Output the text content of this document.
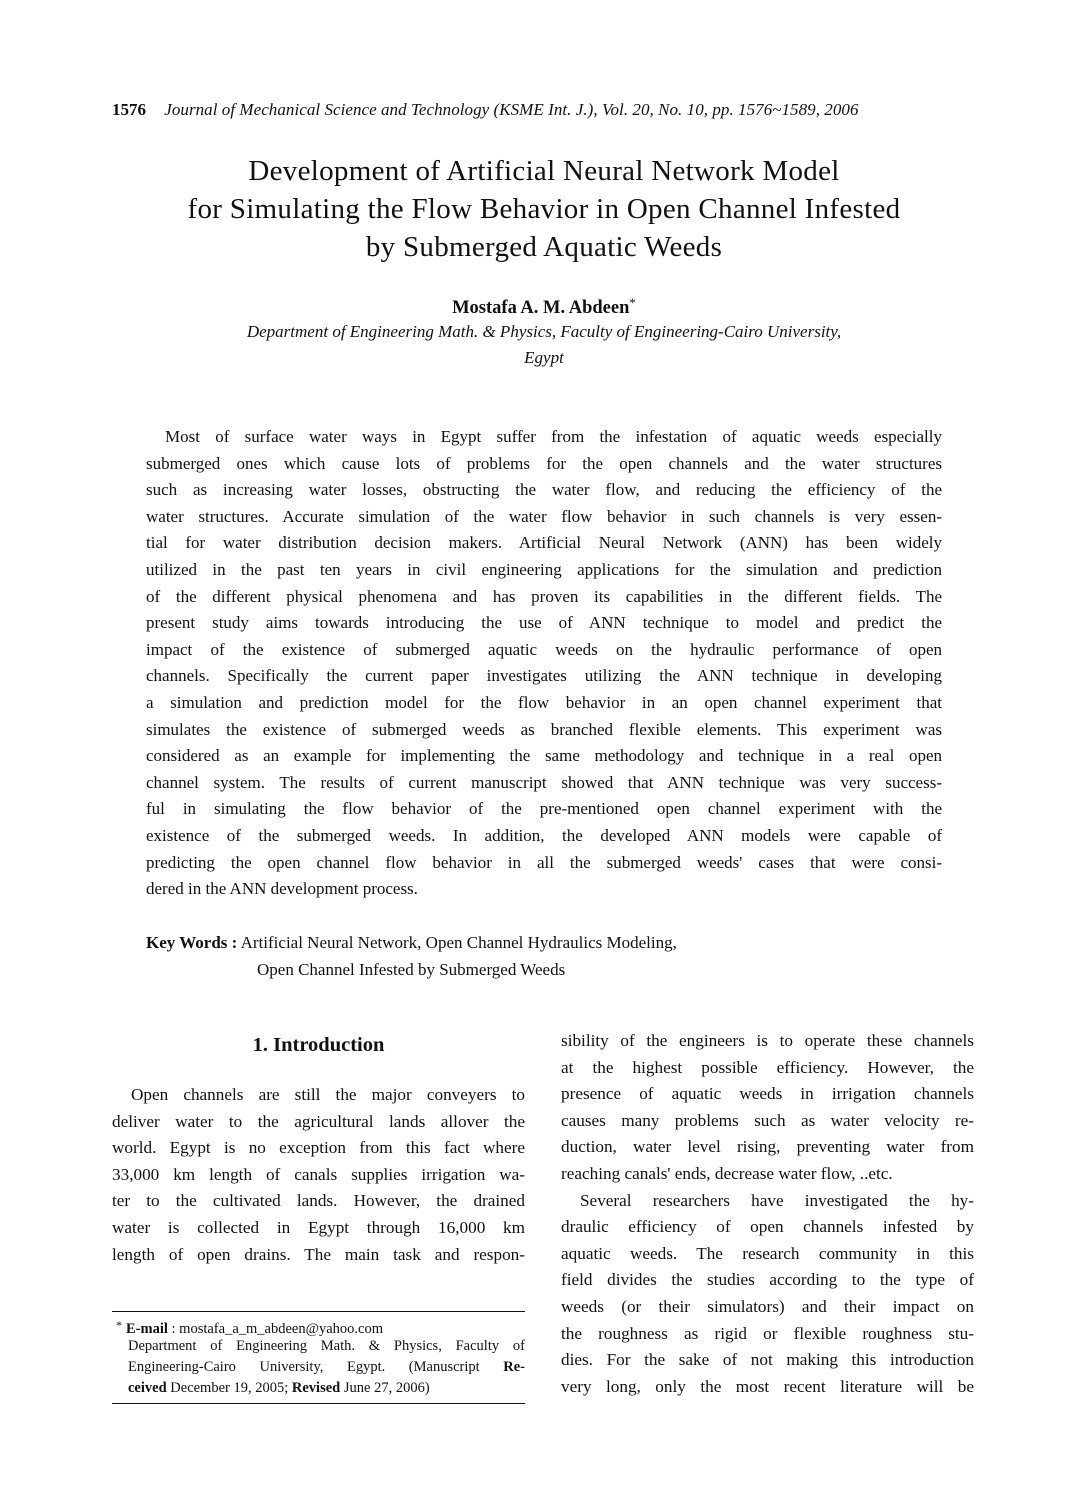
1576 Journal of Mechanical Science and Technology (KSME Int. J.), Vol. 20, No. 10, pp. 1576~1589, 2006
Development of Artificial Neural Network Model
for Simulating the Flow Behavior in Open Channel Infested
by Submerged Aquatic Weeds
Mostafa A. M. Abdeen*
Department of Engineering Math. & Physics, Faculty of Engineering-Cairo University,
Egypt
Most of surface water ways in Egypt suffer from the infestation of aquatic weeds especially
submerged ones which cause lots of problems for the open channels and the water structures
such as increasing water losses, obstructing the water flow, and reducing the efficiency of the
water structures. Accurate simulation of the water flow behavior in such channels is very essen-
tial for water distribution decision makers. Artificial Neural Network (ANN) has been widely
utilized in the past ten years in civil engineering applications for the simulation and prediction
of the different physical phenomena and has proven its capabilities in the different fields. The
present study aims towards introducing the use of ANN technique to model and predict the
impact of the existence of submerged aquatic weeds on the hydraulic performance of open
channels. Specifically the current paper investigates utilizing the ANN technique in developing
a simulation and prediction model for the flow behavior in an open channel experiment that
simulates the existence of submerged weeds as branched flexible elements. This experiment was
considered as an example for implementing the same methodology and technique in a real open
channel system. The results of current manuscript showed that ANN technique was very success-
ful in simulating the flow behavior of the pre-mentioned open channel experiment with the
existence of the submerged weeds. In addition, the developed ANN models were capable of
predicting the open channel flow behavior in all the submerged weeds' cases that were consi-
dered in the ANN development process.
Key Words : Artificial Neural Network, Open Channel Hydraulics Modeling,
Open Channel Infested by Submerged Weeds
1. Introduction
Open channels are still the major conveyers to
deliver water to the agricultural lands allover the
world. Egypt is no exception from this fact where
33,000 km length of canals supplies irrigation wa-
ter to the cultivated lands. However, the drained
water is collected in Egypt through 16,000 km
length of open drains. The main task and respon-
sibility of the engineers is to operate these channels
at the highest possible efficiency. However, the
presence of aquatic weeds in irrigation channels
causes many problems such as water velocity re-
duction, water level rising, preventing water from
reaching canals' ends, decrease water flow, ..etc.
Several researchers have investigated the hy-
draulic efficiency of open channels infested by
aquatic weeds. The research community in this
field divides the studies according to the type of
weeds (or their simulators) and their impact on
the roughness as rigid or flexible roughness stu-
dies. For the sake of not making this introduction
very long, only the most recent literature will be
* E-mail : mostafa_a_m_abdeen@yahoo.com
Department of Engineering Math. & Physics, Faculty of
Engineering-Cairo University, Egypt. (Manuscript Re-
ceived December 19, 2005; Revised June 27, 2006)
